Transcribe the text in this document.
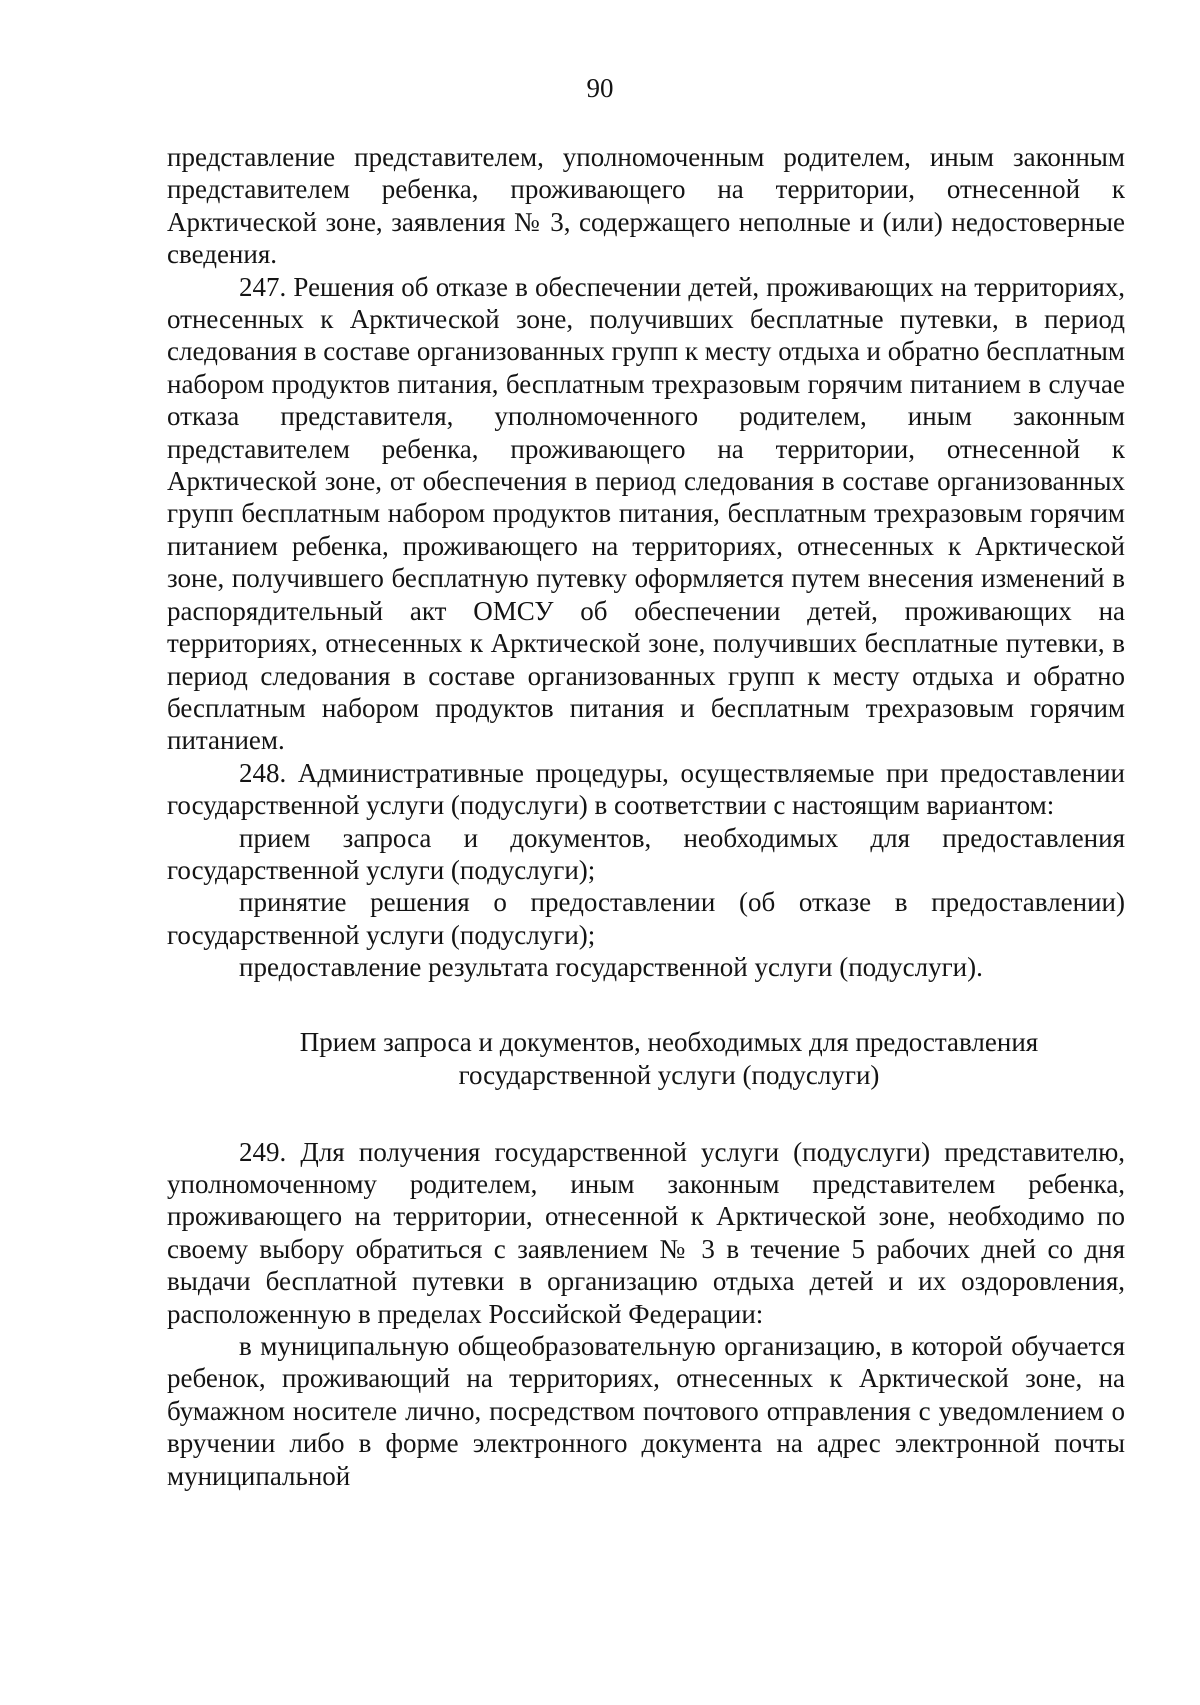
90

представление представителем, уполномоченным родителем, иным законным представителем ребенка, проживающего на территории, отнесенной к Арктической зоне, заявления № 3, содержащего неполные и (или) недостоверные сведения.

247. Решения об отказе в обеспечении детей, проживающих на территориях, отнесенных к Арктической зоне, получивших бесплатные путевки, в период следования в составе организованных групп к месту отдыха и обратно бесплатным набором продуктов питания, бесплатным трехразовым горячим питанием в случае отказа представителя, уполномоченного родителем, иным законным представителем ребенка, проживающего на территории, отнесенной к Арктической зоне, от обеспечения в период следования в составе организованных групп бесплатным набором продуктов питания, бесплатным трехразовым горячим питанием ребенка, проживающего на территориях, отнесенных к Арктической зоне, получившего бесплатную путевку оформляется путем внесения изменений в распорядительный акт ОМСУ об обеспечении детей, проживающих на территориях, отнесенных к Арктической зоне, получивших бесплатные путевки, в период следования в составе организованных групп к месту отдыха и обратно бесплатным набором продуктов питания и бесплатным трехразовым горячим питанием.

248. Административные процедуры, осуществляемые при предоставлении государственной услуги (подуслуги) в соответствии с настоящим вариантом:

прием запроса и документов, необходимых для предоставления государственной услуги (подуслуги);

принятие решения о предоставлении (об отказе в предоставлении) государственной услуги (подуслуги);

предоставление результата государственной услуги (подуслуги).

Прием запроса и документов, необходимых для предоставления
государственной услуги (подуслуги)

249. Для получения государственной услуги (подуслуги) представителю, уполномоченному родителем, иным законным представителем ребенка, проживающего на территории, отнесенной к Арктической зоне, необходимо по своему выбору обратиться с заявлением № 3 в течение 5 рабочих дней со дня выдачи бесплатной путевки в организацию отдыха детей и их оздоровления, расположенную в пределах Российской Федерации:

в муниципальную общеобразовательную организацию, в которой обучается ребенок, проживающий на территориях, отнесенных к Арктической зоне, на бумажном носителе лично, посредством почтового отправления с уведомлением о вручении либо в форме электронного документа на адрес электронной почты муниципальной
